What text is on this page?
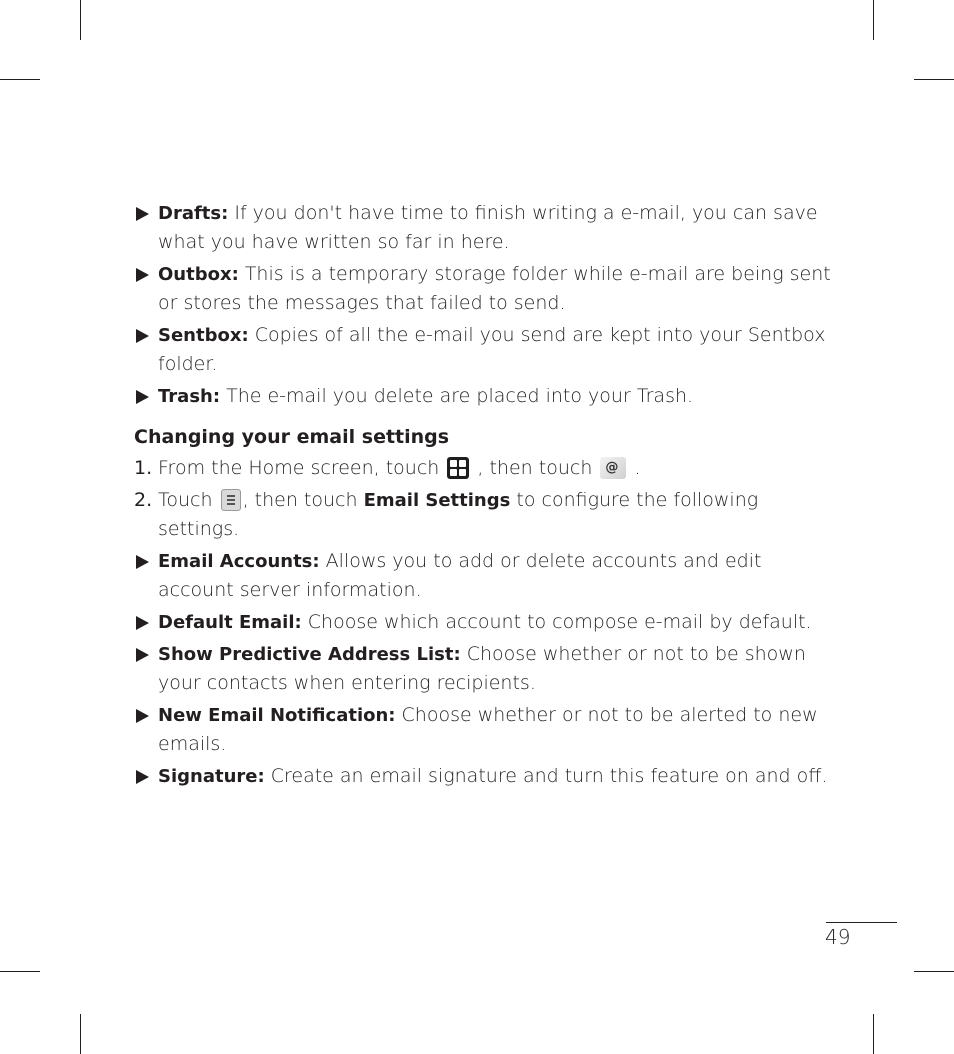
Drafts: If you don't have time to finish writing a e-mail, you can save what you have written so far in here.
Outbox: This is a temporary storage folder while e-mail are being sent or stores the messages that failed to send.
Sentbox: Copies of all the e-mail you send are kept into your Sentbox folder.
Trash: The e-mail you delete are placed into your Trash.
Changing your email settings
1. From the Home screen, touch
, then touch @ .
2. Touch
, then touch Email Settings to configure the following settings.
Email Accounts: Allows you to add or delete accounts and edit account server information.
Default Email: Choose which account to compose e-mail by default.
Show Predictive Address List: Choose whether or not to be shown your contacts when entering recipients.
New Email Notification: Choose whether or not to be alerted to new emails.
Signature: Create an email signature and turn this feature on and off.
49
